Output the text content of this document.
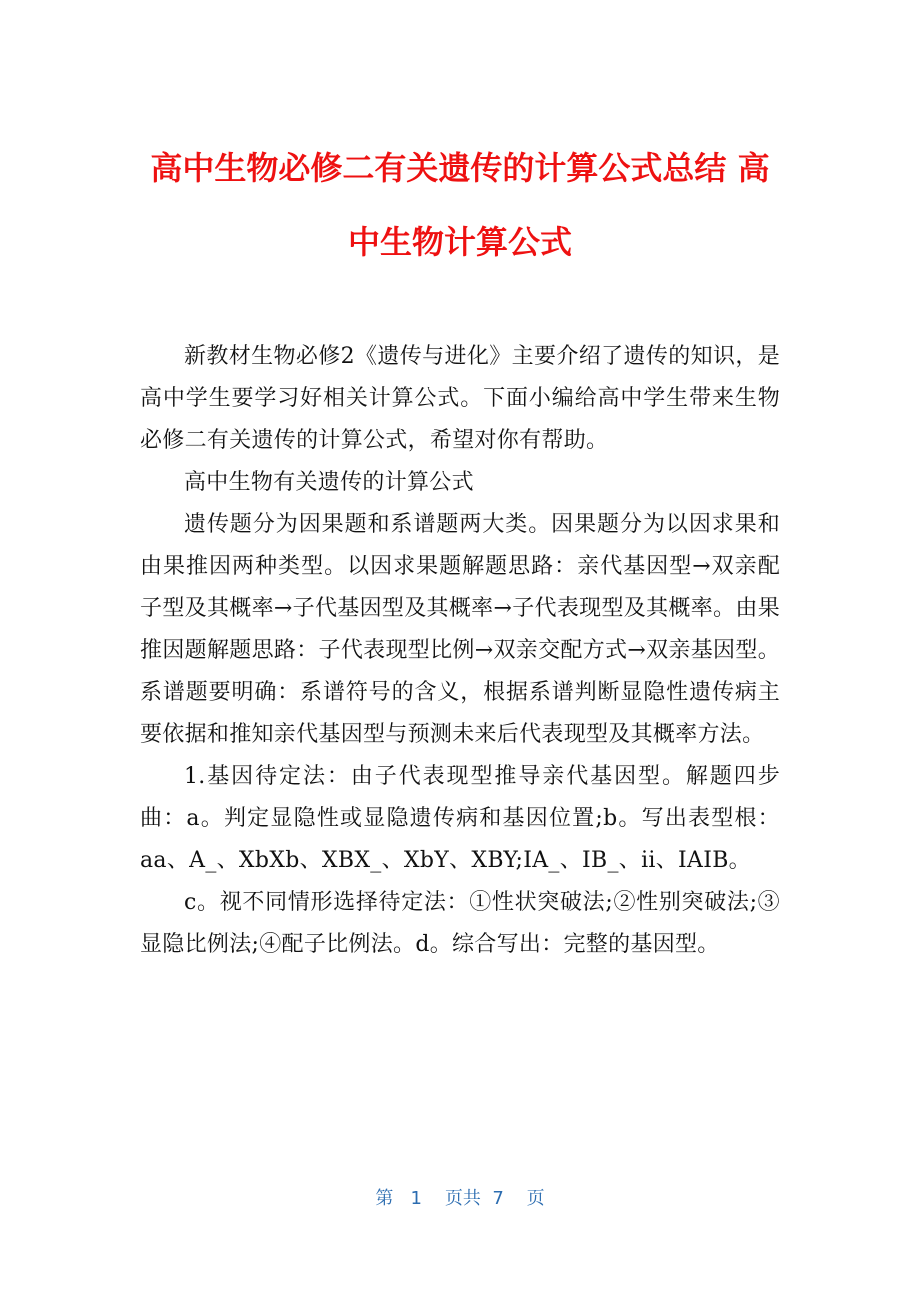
高中生物必修二有关遗传的计算公式总结 高
中生物计算公式

新教材生物必修2《遗传与进化》主要介绍了遗传的知识，是高中学生要学习好相关计算公式。下面小编给高中学生带来生物必修二有关遗传的计算公式，希望对你有帮助。

高中生物有关遗传的计算公式

遗传题分为因果题和系谱题两大类。因果题分为以因求果和由果推因两种类型。以因求果题解题思路：亲代基因型→双亲配子型及其概率→子代基因型及其概率→子代表现型及其概率。由果推因题解题思路：子代表现型比例→双亲交配方式→双亲基因型。系谱题要明确：系谱符号的含义，根据系谱判断显隐性遗传病主要依据和推知亲代基因型与预测未来后代表现型及其概率方法。

1.基因待定法：由子代表现型推导亲代基因型。解题四步曲：a。判定显隐性或显隐遗传病和基因位置;b。写出表型根：aa、A_、XbXb、XBX_、XbY、XBY;IA_、IB_、ii、IAIB。

c。视不同情形选择待定法：①性状突破法;②性别突破法;③显隐比例法;④配子比例法。d。综合写出：完整的基因型。

第 1 页共 7 页
